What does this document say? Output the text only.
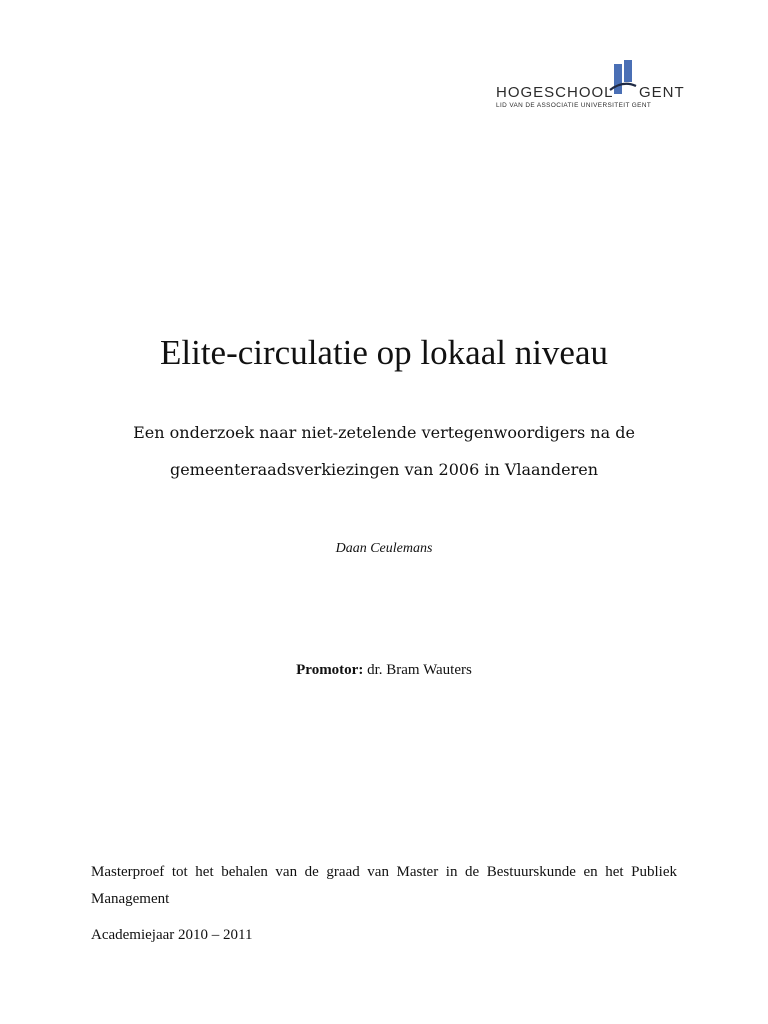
HOGESCHOOL GENT
LID VAN DE ASSOCIATIE UNIVERSITEIT GENT
Elite-circulatie op lokaal niveau

Een onderzoek naar niet-zetelende vertegenwoordigers na de gemeenteraadsverkiezingen van 2006 in Vlaanderen

Daan Ceulemans
Promotor: dr. Bram Wauters
Masterproef tot het behalen van de graad van Master in de Bestuurskunde en het Publiek Management
Academiejaar 2010 – 2011
